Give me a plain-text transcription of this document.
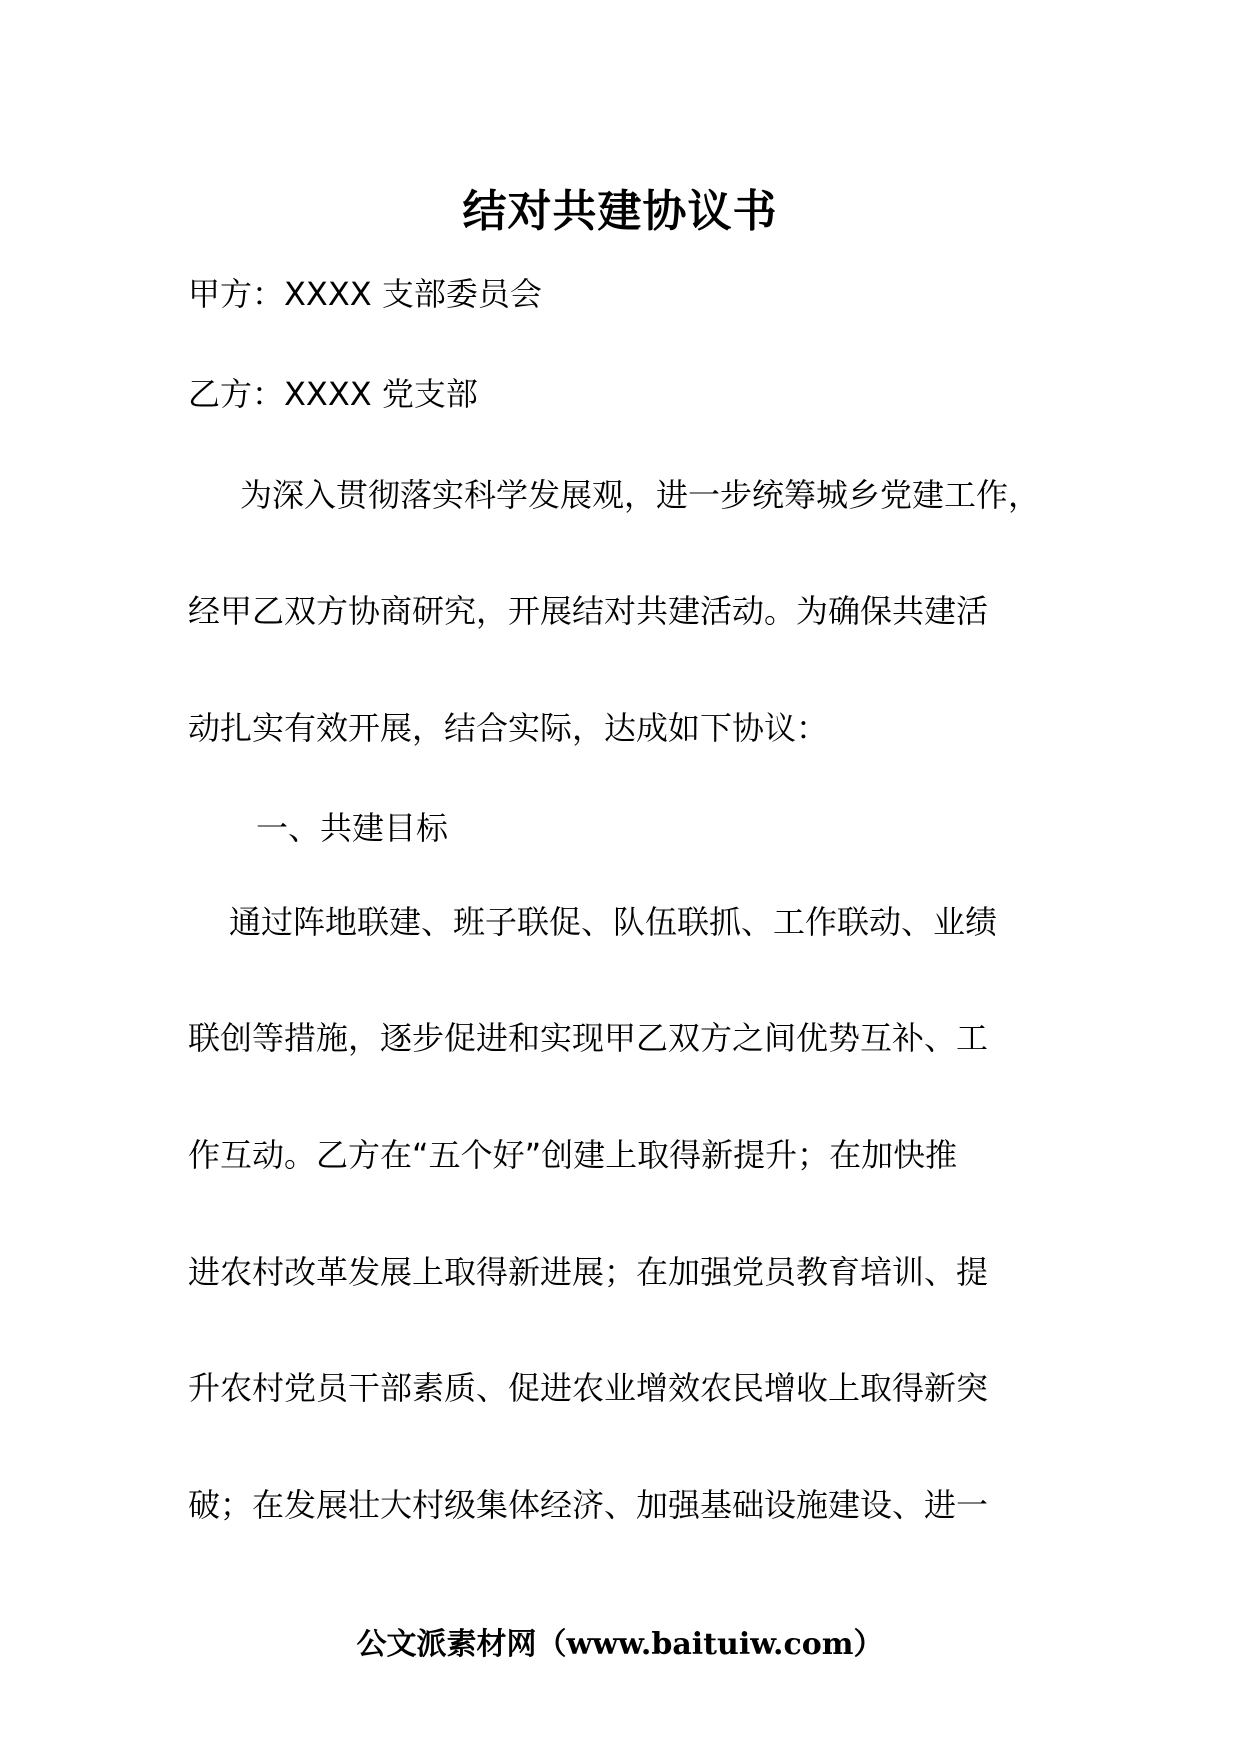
结对共建协议书
甲方：XXXX 支部委员会
乙方：XXXX 党支部
为深入贯彻落实科学发展观，进一步统筹城乡党建工作，
经甲乙双方协商研究，开展结对共建活动。为确保共建活
动扎实有效开展，结合实际，达成如下协议：
一、共建目标
通过阵地联建、班子联促、队伍联抓、工作联动、业绩
联创等措施，逐步促进和实现甲乙双方之间优势互补、工
作互动。乙方在“五个好”创建上取得新提升；在加快推
进农村改革发展上取得新进展；在加强党员教育培训、提
升农村党员干部素质、促进农业增效农民增收上取得新突
破；在发展壮大村级集体经济、加强基础设施建设、进一
公文派素材网（www.baituiw.com）
